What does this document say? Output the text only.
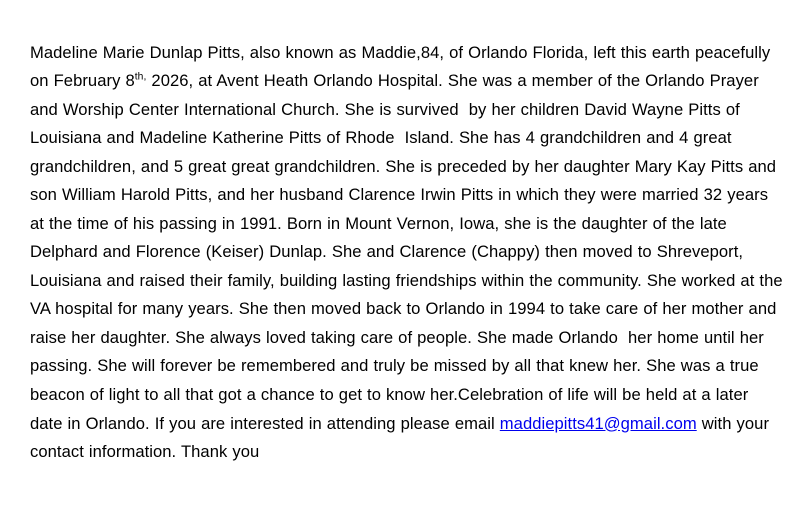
Madeline Marie Dunlap Pitts, also known as Maddie,84, of Orlando Florida, left this earth peacefully on February $8^{th,}$ 2026, at Avent Heath Orlando Hospital. She was a member of the Orlando Prayer and Worship Center International Church. She is survived  by her children David Wayne Pitts of Louisiana and Madeline Katherine Pitts of Rhode  Island. She has 4 grandchildren and 4 great grandchildren, and 5 great great grandchildren. She is preceded by her daughter Mary Kay Pitts and son William Harold Pitts, and her husband Clarence Irwin Pitts in which they were married 32 years at the time of his passing in 1991. Born in Mount Vernon, Iowa, she is the daughter of the late Delphard and Florence (Keiser) Dunlap. She and Clarence (Chappy) then moved to Shreveport, Louisiana and raised their family, building lasting friendships within the community. She worked at the VA hospital for many years. She then moved back to Orlando in 1994 to take care of her mother and raise her daughter. She always loved taking care of people. She made Orlando  her home until her passing. She will forever be remembered and truly be missed by all that knew her. She was a true beacon of light to all that got a chance to get to know her.Celebration of life will be held at a later date in Orlando. If you are interested in attending please email maddiepitts41@gmail.com with your contact information. Thank you
